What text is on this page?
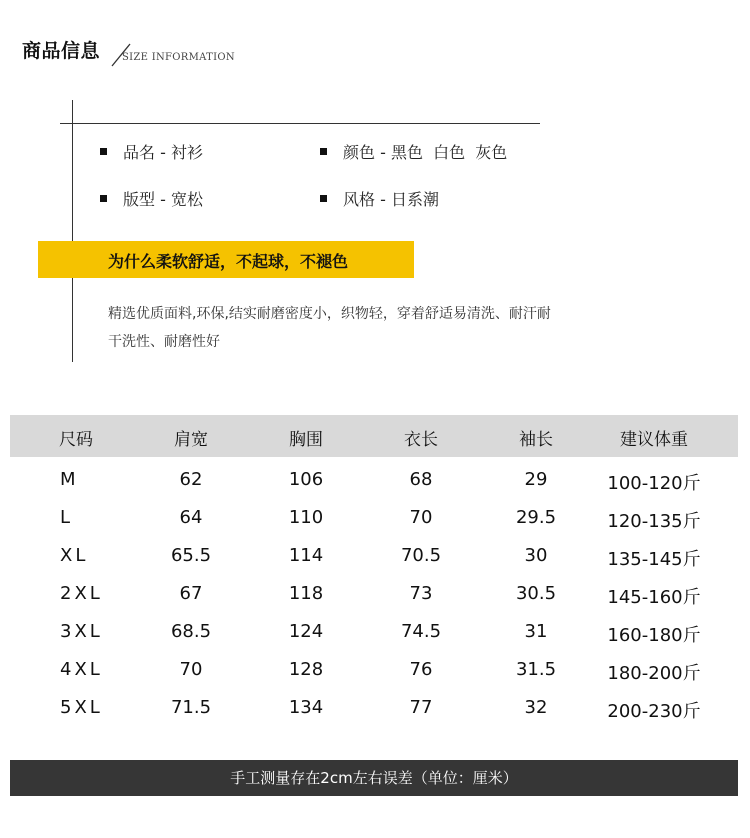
商品信息 SIZE INFORMATION
品名 - 衬衫	颜色 - 黑色  白色  灰色
版型 - 宽松	风格 - 日系潮
为什么柔软舒适，不起球，不褪色
精选优质面料,环保,结实耐磨密度小，织物轻，穿着舒适易清洗、耐汗耐
干洗性、耐磨性好
尺码	肩宽	胸围	衣长	袖长	建议体重
M	62	106	68	29	100-120斤
L	64	110	70	29.5	120-135斤
XL	65.5	114	70.5	30	135-145斤
2XL	67	118	73	30.5	145-160斤
3XL	68.5	124	74.5	31	160-180斤
4XL	70	128	76	31.5	180-200斤
5XL	71.5	134	77	32	200-230斤
手工测量存在2cm左右误差（单位：厘米）
